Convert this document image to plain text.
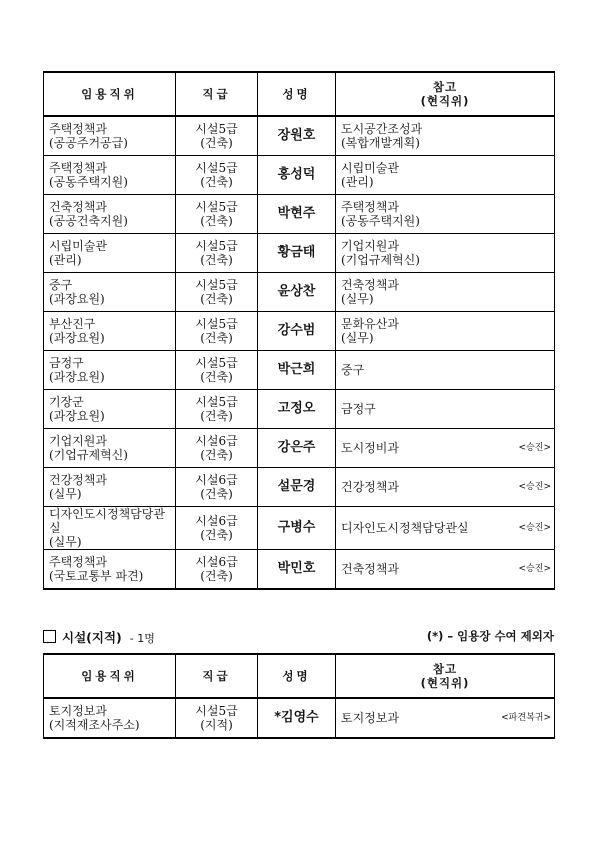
임용직위	직급	성명	참고
(현직위)

주택정책과
(공공주거공급)	시설5급
(건축)	장원호	도시공간조성과
(복합개발계획)

주택정책과
(공동주택지원)	시설5급
(건축)	홍성덕	시립미술관
(관리)

건축정책과
(공공건축지원)	시설5급
(건축)	박현주	주택정책과
(공동주택지원)

시립미술관
(관리)	시설5급
(건축)	황금태	기업지원과
(기업규제혁신)

중구
(과장요원)	시설5급
(건축)	윤상찬	건축정책과
(실무)

부산진구
(과장요원)	시설5급
(건축)	강수범	문화유산과
(실무)

금정구
(과장요원)	시설5급
(건축)	박근희	중구

기장군
(과장요원)	시설5급
(건축)	고정오	금정구

기업지원과
(기업규제혁신)	시설6급
(건축)	강은주	도시정비과 <승진>

건강정책과
(실무)	시설6급
(건축)	설문경	건강정책과 <승진>

디자인도시정책담당관실
(실무)	시설6급
(건축)	구병수	디자인도시정책담당관실 <승진>

주택정책과
(국토교통부 파견)	시설6급
(건축)	박민호	건축정책과 <승진>
시설(지적) - 1명	(*) – 임용장 수여 제외자
임용직위	직급	성명	참고
(현직위)

토지정보과
(지적재조사주소)	시설5급
(지적)	*김영수	토지정보과 <파견복귀>
